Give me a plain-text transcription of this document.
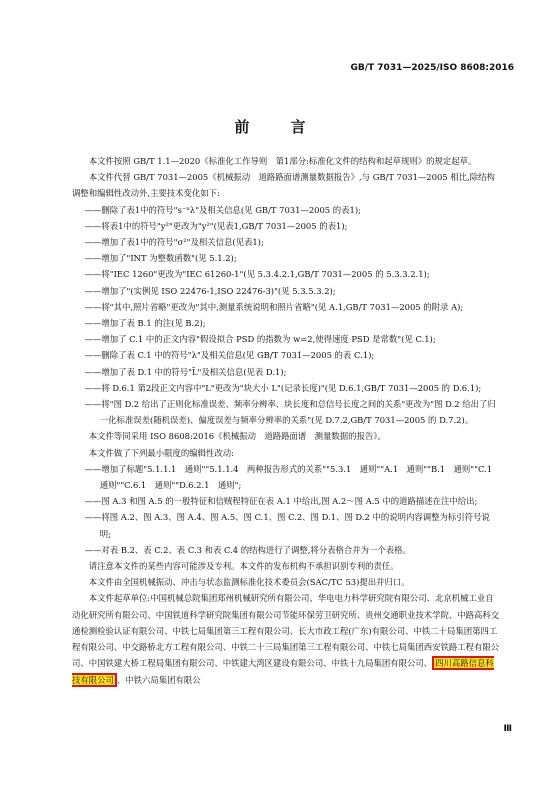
GB/T 7031—2025/ISO 8608:2016
前 言

本文件按照 GB/T 1.1—2020《标准化工作导则　第1部分:标准化文件的结构和起草规则》的规定起草。

本文件代替 GB/T 7031—2005《机械振动　道路路面谱测量数据报告》,与 GB/T 7031—2005 相比,除结构调整和编辑性改动外,主要技术变化如下:

——删除了表1中的符号"s⁻ⁿλ"及相关信息(见 GB/T 7031—2005 的表1);

——将表1中的符号"y²"更改为"y²"(见表1,GB/T 7031—2005 的表1);

——增加了表1中的符号"σ²"及相关信息(见表1);

——增加了"INT 为整数函数"(见 5.1.2);

——将"IEC 1260"更改为"IEC 61260-1"(见 5.3.4.2.1,GB/T 7031—2005 的 5.3.3.2.1);

——增加了"(实例见 ISO 22476-1,ISO 22476-3)"(见 5.3.5.3.2);

——将"其中,照片省略"更改为"其中,测量系统说明和照片省略"(见 A.1,GB/T 7031—2005 的附录 A);

——增加了表 B.1 的注(见 B.2);

——增加了 C.1 中的正文内容"假设拟合 PSD 的指数为 w=2,使得速度 PSD 是常数"(见 C.1);

——删除了表 C.1 中的符号"λ"及相关信息(见 GB/T 7031—2005 的表 C.1);

——增加了表 D.1 中的符号"L̄"及相关信息(见表 D.1);

——将 D.6.1 第2段正文内容中"L"更改为"块大小 L"(记录长度)"(见 D.6.1,GB/T 7031—2005 的 D.6.1);

——将"图 D.2 给出了正则化标准误差、频率分辨率、块长度和总信号长度之间的关系"更改为"图 D.2 给出了归一化标准误差(随机误差)、偏度误差与频率分辨率的关系"(见 D.7.2,GB/T 7031—2005 的 D.7.2)。

本文件等同采用 ISO 8608:2016《机械振动　道路路面谱　测量数据的报告》。

本文件做了下列最小限度的编辑性改动:

——增加了标题"5.1.1.1　通则""5.1.1.4　两种报告形式的关系""5.3.1　通则""A.1　通则""B.1　通则""C.1　通则""C.6.1　通则""D.6.2.1　通则";

——图 A.3 和图 A.5 的一般特征和信贼程特征在表 A.1 中给出,图 A.2～图 A.5 中的道路描述在注中给出;

——将图 A.2、图 A.3、图 A.4、图 A.5、图 C.1、图 C.2、图 D.1、图 D.2 中的说明内容调整为标引符号说明;

——对表 B.2、表 C.2、表 C.3 和表 C.4 的结构进行了调整,将分表格合并为一个表格。

请注意本文件的某些内容可能涉及专利。本文件的发布机构不承担识别专利的责任。

本文件由全国机械振动、冲击与状态监测标准化技术委员会(SAC/TC 53)提出并归口。

本文件起草单位:中国机械总院集团郑州机械研究所有限公司、华电电力科学研究院有限公司、北京机械工业自动化研究所有限公司、中国铁道科学研究院集团有限公司节能环保劳卫研究所、贵州交通职业技术学院、中路高科交通检测检验认证有限公司、中铁七局集团第三工程有限公司、长大市政工程(广东)有限公司、中铁二十局集团第四工程有限公司、中交路桥北方工程有限公司、中铁二十三局集团第三工程有限公司、中铁七局集团西安铁路工程有限公司、中国铁建大桥工程局集团有限公司、中铁建大湾区建设有限公司、中铁十九局集团有限公司、 四川高路信息科技有限公司 、中铁六局集团有限公

Ⅲ
